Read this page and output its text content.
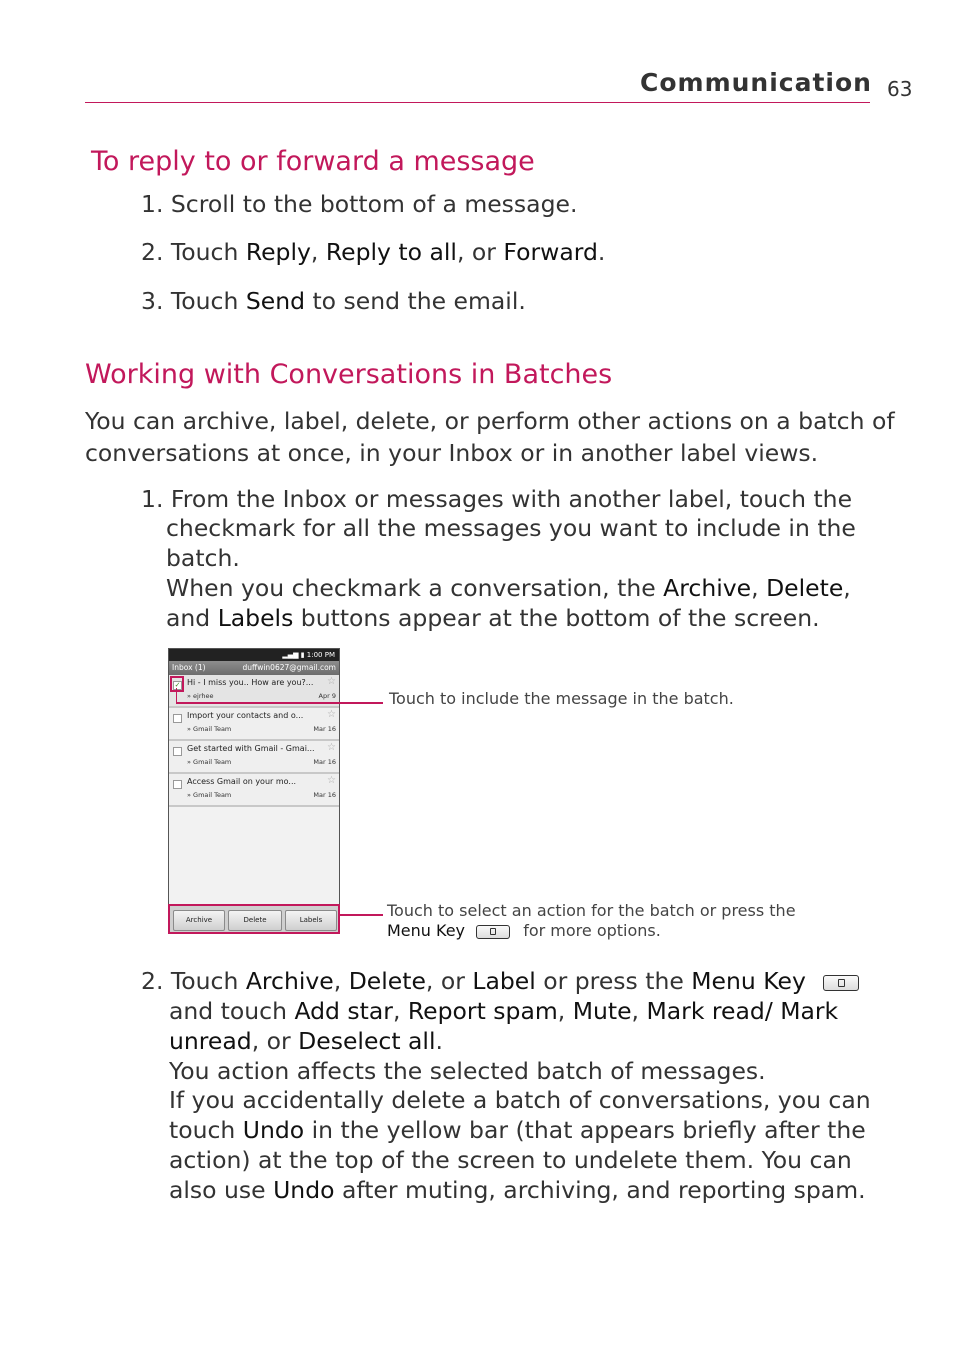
Communication 63
To reply to or forward a message
1. Scroll to the bottom of a message.
2. Touch Reply, Reply to all, or Forward.
3. Touch Send to send the email.
Working with Conversations in Batches
You can archive, label, delete, or perform other actions on a batch of
conversations at once, in your Inbox or in another label views.
1. From the Inbox or messages with another label, touch the
checkmark for all the messages you want to include in the
batch.
When you checkmark a conversation, the Archive, Delete,
and Labels buttons appear at the bottom of the screen.
▂▄▆ ▮ 1:00 PM
Inbox (1)	duffwin0627@gmail.com
✓ Hi - I miss you.. How are you?... ☆
» ejrhee	Apr 9
Import your contacts and o... ☆
» Gmail Team	Mar 16
Get started with Gmail - Gmai... ☆
» Gmail Team	Mar 16
Access Gmail on your mo...	☆
» Gmail Team	Mar 16
Archive	Delete	Labels
Touch to include the message in the batch.
Touch to select an action for the batch or press the
Menu Key	for more options.
2. Touch Archive, Delete, or Label or press the Menu Key
and touch Add star, Report spam, Mute, Mark read/ Mark
unread, or Deselect all.
You action affects the selected batch of messages.
If you accidentally delete a batch of conversations, you can
touch Undo in the yellow bar (that appears briefly after the
action) at the top of the screen to undelete them. You can
also use Undo after muting, archiving, and reporting spam.
